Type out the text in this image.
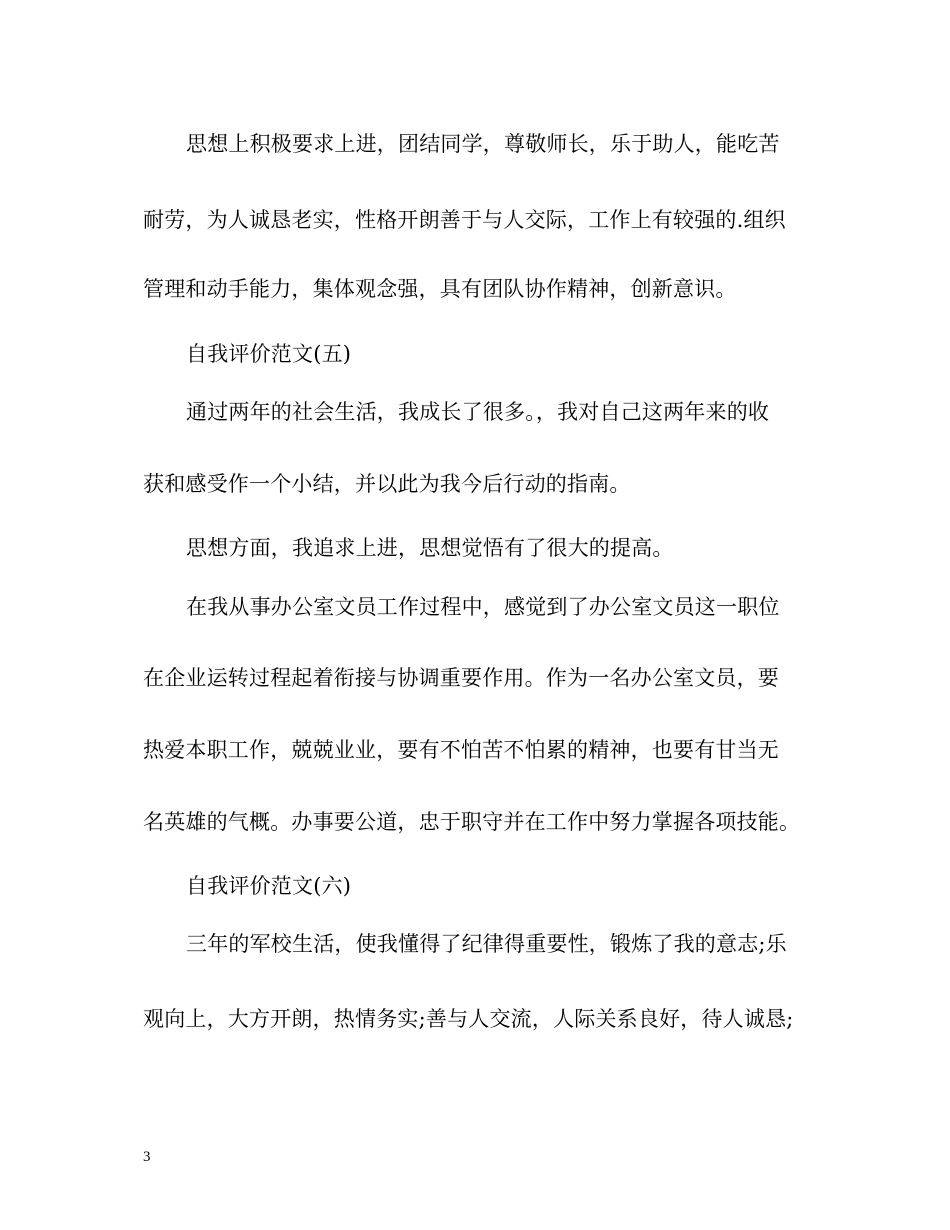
思想上积极要求上进，团结同学，尊敬师长，乐于助人，能吃苦
耐劳，为人诚恳老实，性格开朗善于与人交际，工作上有较强的.组织
管理和动手能力，集体观念强，具有团队协作精神，创新意识。
自我评价范文(五)
通过两年的社会生活，我成长了很多。，我对自己这两年来的收
获和感受作一个小结，并以此为我今后行动的指南。
思想方面，我追求上进，思想觉悟有了很大的提高。
在我从事办公室文员工作过程中，感觉到了办公室文员这一职位
在企业运转过程起着衔接与协调重要作用。作为一名办公室文员，要
热爱本职工作，兢兢业业，要有不怕苦不怕累的精神，也要有甘当无
名英雄的气概。办事要公道，忠于职守并在工作中努力掌握各项技能。
自我评价范文(六)
三年的军校生活，使我懂得了纪律得重要性，锻炼了我的意志;乐
观向上，大方开朗，热情务实;善与人交流，人际关系良好，待人诚恳;
3
